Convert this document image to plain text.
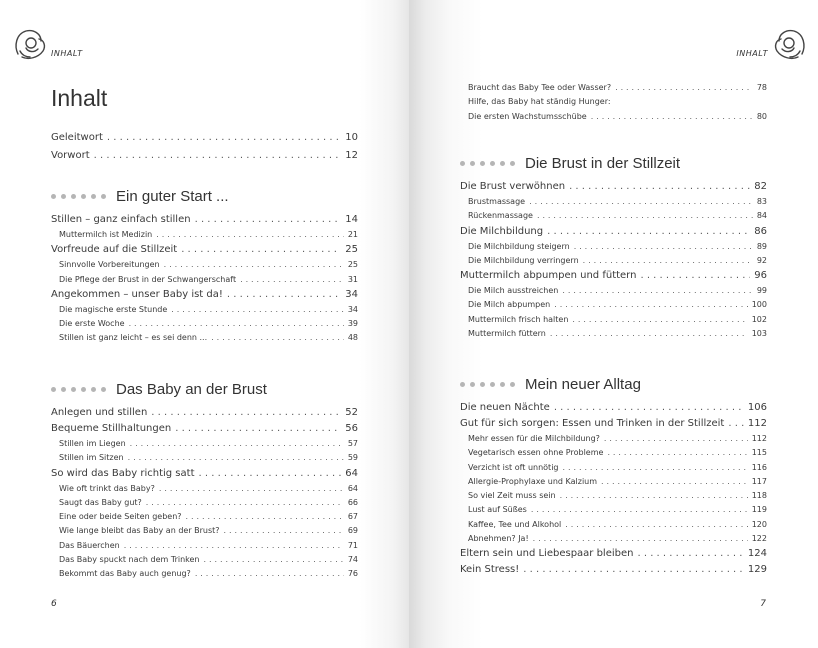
INHALT
Inhalt
Geleitwort . . .	10
Vorwort . . .	12
Ein guter Start ...
Stillen – ganz einfach stillen . . .	14
Muttermilch ist Medizin . . .	21
Vorfreude auf die Stillzeit . . .	25
Sinnvolle Vorbereitungen . . .	25
Die Pflege der Brust in der Schwangerschaft . . .	31
Angekommen – unser Baby ist da! . . .	34
Die magische erste Stunde . . .	34
Die erste Woche . . .	39
Stillen ist ganz leicht – es sei denn ... . . .	48
Das Baby an der Brust
Anlegen und stillen . . .	52
Bequeme Stillhaltungen . . .	56
Stillen im Liegen . . .	57
Stillen im Sitzen . . .	59
So wird das Baby richtig satt . . .	64
Wie oft trinkt das Baby? . . .	64
Saugt das Baby gut? . . .	66
Eine oder beide Seiten geben? . . .	67
Wie lange bleibt das Baby an der Brust? . . .	69
Das Bäuerchen . . .	71
Das Baby spuckt nach dem Trinken . . .	74
Bekommt das Baby auch genug? . . .	76
6
INHALT
Braucht das Baby Tee oder Wasser? . . .	78
Hilfe, das Baby hat ständig Hunger:
Die ersten Wachstumsschübe . . .	80
Die Brust in der Stillzeit
Die Brust verwöhnen . . .	82
Brustmassage . . .	83
Rückenmassage . . .	84
Die Milchbildung . . .	86
Die Milchbildung steigern . . .	89
Die Milchbildung verringern . . .	92
Muttermilch abpumpen und füttern . . .	96
Die Milch ausstreichen . . .	99
Die Milch abpumpen . . .	100
Muttermilch frisch halten . . .	102
Muttermilch füttern . . .	103
Mein neuer Alltag
Die neuen Nächte . . .	106
Gut für sich sorgen: Essen und Trinken in der Stillzeit . . . 112
Mehr essen für die Milchbildung? . . .	112
Vegetarisch essen ohne Probleme . . .	115
Verzicht ist oft unnötig . . .	116
Allergie-Prophylaxe und Kalzium . . .	117
So viel Zeit muss sein . . .	118
Lust auf Süßes . . .	119
Kaffee, Tee und Alkohol . . .	120
Abnehmen? Ja! . . .	122
Eltern sein und Liebespaar bleiben . . .	124
Kein Stress! . . .	129
7
